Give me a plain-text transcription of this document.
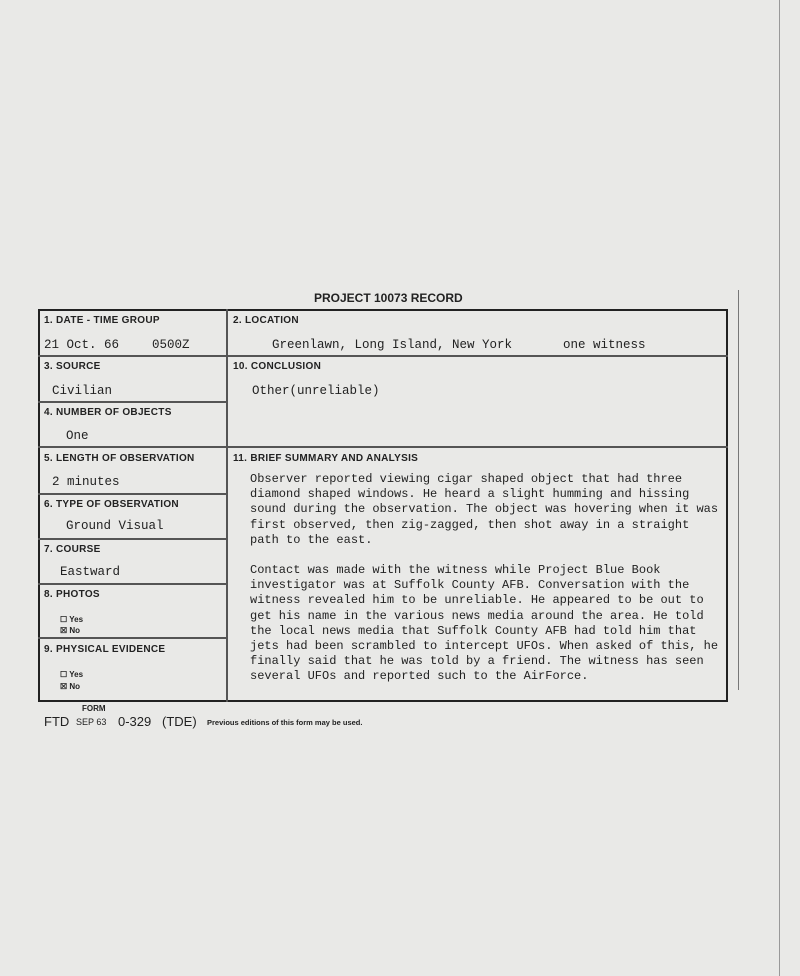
PROJECT 10073 RECORD
1. DATE - TIME GROUP
21 Oct. 66	0500Z
2. LOCATION
Greenlawn, Long Island, New York	one witness
3. SOURCE
Civilian
10. CONCLUSION
Other(unreliable)
4. NUMBER OF OBJECTS
One
5. LENGTH OF OBSERVATION
2 minutes
11. BRIEF SUMMARY AND ANALYSIS
6. TYPE OF OBSERVATION
Ground Visual
7. COURSE
Eastward
8. PHOTOS
☐ Yes
☒ No
9. PHYSICAL EVIDENCE
☐ Yes
☒ No
Observer reported viewing cigar shaped object that had three diamond shaped windows. He heard a slight humming and hissing sound during the observation. The object was hovering when it was first observed, then zig-zagged, then shot away in a straight path to the east.
Contact was made with the witness while Project Blue Book investigator was at Suffolk County AFB. Conversation with the witness revealed him to be unreliable. He appeared to be out to get his name in the various news media around the area. He told the local news media that Suffolk County AFB had told him that jets had been scrambled to intercept UFOs. When asked of this, he finally said that he was told by a friend. The witness has seen several UFOs and reported such to the AirForce.
FORM
FTD SEP 63 0-329 (TDE) Previous editions of this form may be used.
